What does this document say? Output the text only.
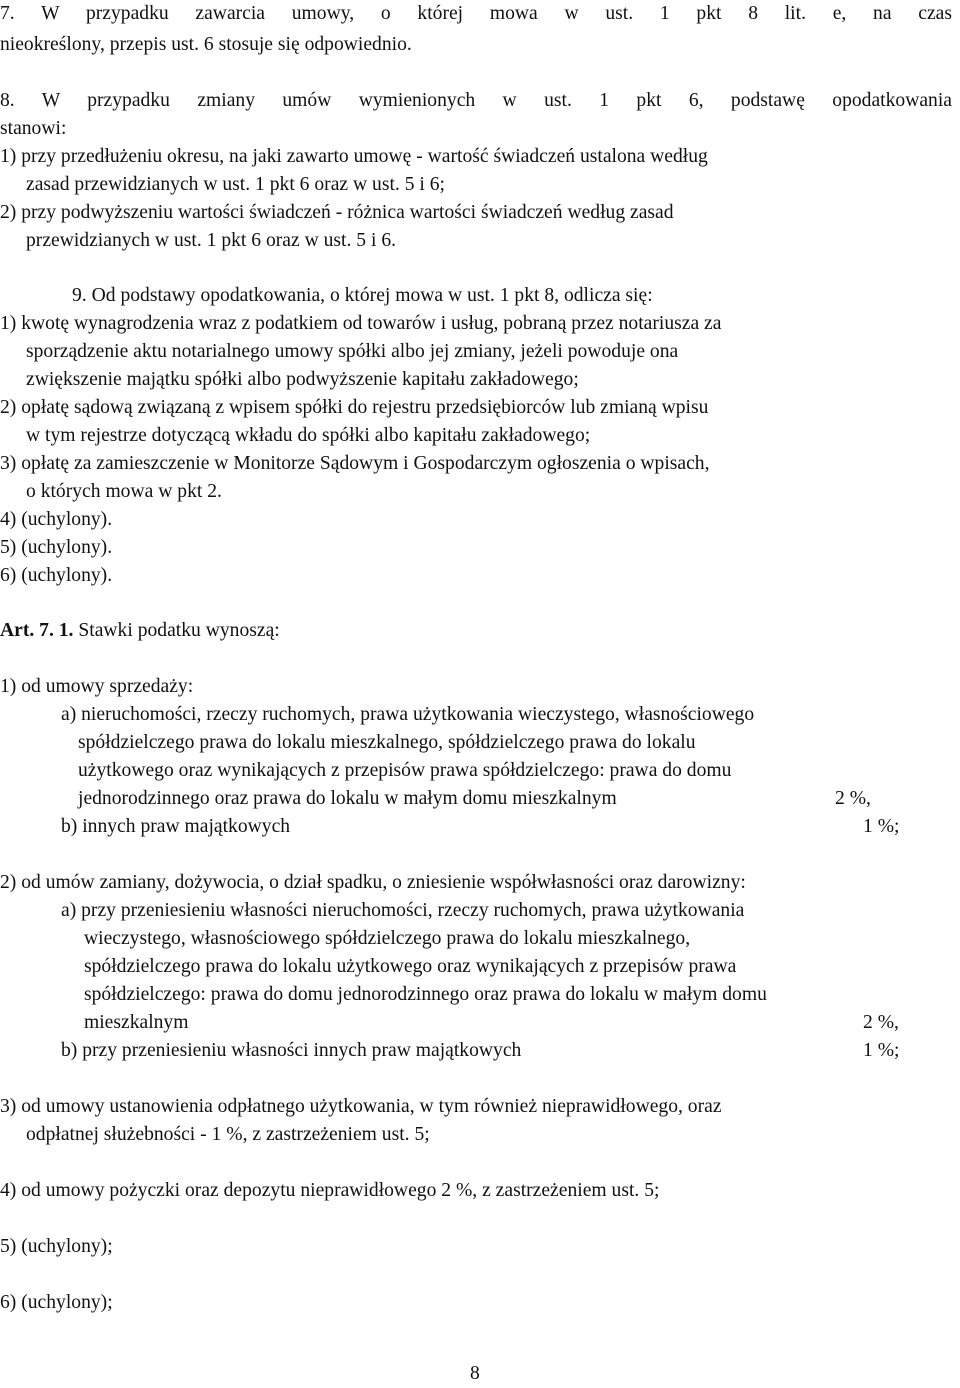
7. W przypadku zawarcia umowy, o której mowa w ust. 1 pkt 8 lit. e, na czas
nieokreślony, przepis ust. 6 stosuje się odpowiednio.
8. W przypadku zmiany umów wymienionych w ust. 1 pkt 6, podstawę opodatkowania
stanowi:
1) przy przedłużeniu okresu, na jaki zawarto umowę - wartość świadczeń ustalona według
zasad przewidzianych w ust. 1 pkt 6 oraz w ust. 5 i 6;
2) przy podwyższeniu wartości świadczeń - różnica wartości świadczeń według zasad
przewidzianych w ust. 1 pkt 6 oraz w ust. 5 i 6.
9. Od podstawy opodatkowania, o której mowa w ust. 1 pkt 8, odlicza się:
1) kwotę wynagrodzenia wraz z podatkiem od towarów i usług, pobraną przez notariusza za
sporządzenie aktu notarialnego umowy spółki albo jej zmiany, jeżeli powoduje ona
zwiększenie majątku spółki albo podwyższenie kapitału zakładowego;
2) opłatę sądową związaną z wpisem spółki do rejestru przedsiębiorców lub zmianą wpisu
w tym rejestrze dotyczącą wkładu do spółki albo kapitału zakładowego;
3) opłatę za zamieszczenie w Monitorze Sądowym i Gospodarczym ogłoszenia o wpisach,
o których mowa w pkt 2.
4) (uchylony).
5) (uchylony).
6) (uchylony).
Art. 7. 1. Stawki podatku wynoszą:
1) od umowy sprzedaży:
a) nieruchomości, rzeczy ruchomych, prawa użytkowania wieczystego, własnościowego
spółdzielczego prawa do lokalu mieszkalnego, spółdzielczego prawa do lokalu
użytkowego oraz wynikających z przepisów prawa spółdzielczego: prawa do domu
jednorodzinnego oraz prawa do lokalu w małym domu mieszkalnym	2 %,
b) innych praw majątkowych	1 %;
2) od umów zamiany, dożywocia, o dział spadku, o zniesienie współwłasności oraz darowizny:
a) przy przeniesieniu własności nieruchomości, rzeczy ruchomych, prawa użytkowania
wieczystego, własnościowego spółdzielczego prawa do lokalu mieszkalnego,
spółdzielczego prawa do lokalu użytkowego oraz wynikających z przepisów prawa
spółdzielczego: prawa do domu jednorodzinnego oraz prawa do lokalu w małym domu
mieszkalnym	2 %,
b) przy przeniesieniu własności innych praw majątkowych	1 %;
3) od umowy ustanowienia odpłatnego użytkowania, w tym również nieprawidłowego, oraz
odpłatnej służebności - 1 %, z zastrzeżeniem ust. 5;
4) od umowy pożyczki oraz depozytu nieprawidłowego 2 %, z zastrzeżeniem ust. 5;
5) (uchylony);
6) (uchylony);
8
